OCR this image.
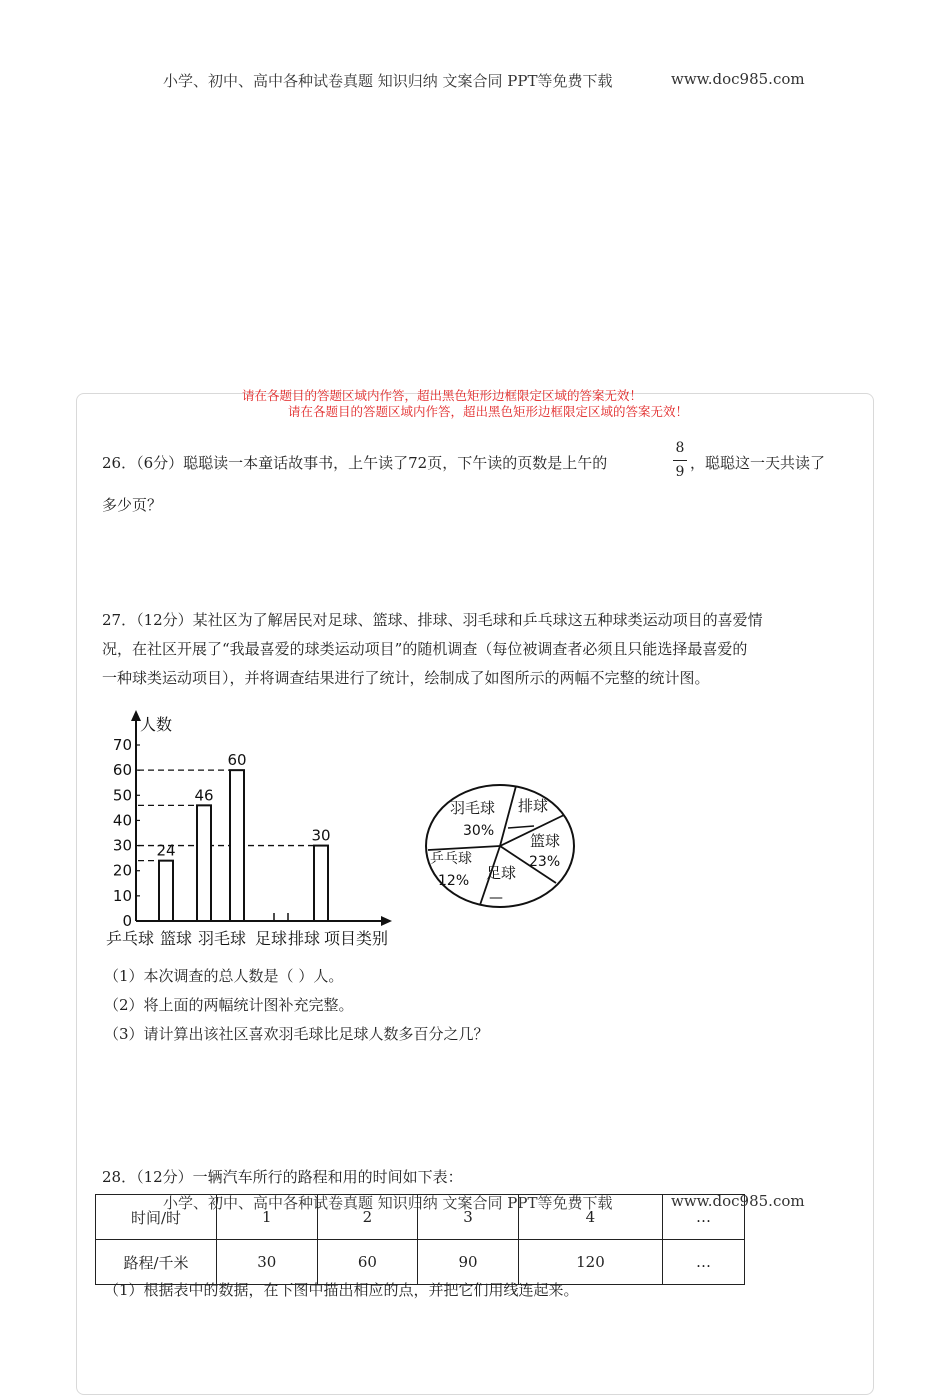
小学、初中、高中各种试卷真题 知识归纳 文案合同 PPT等免费下载	www.doc985.com
请在各题目的答题区域内作答，超出黑色矩形边框限定区域的答案无效！
请在各题目的答题区域内作答，超出黑色矩形边框限定区域的答案无效！
26．（6分）聪聪读一本童话故事书，上午读了72页，下午读的页数是上午的
8
9 ，聪聪这一天共读了
多少页？
27．（12分）某社区为了解居民对足球、篮球、排球、羽毛球和乒乓球这五种球类运动项目的喜爱情
况，在社区开展了“我最喜爱的球类运动项目”的随机调查（每位被调查者必须且只能选择最喜爱的
一种球类运动项目），并将调查结果进行了统计，绘制成了如图所示的两幅不完整的统计图。
人数
项目类别
0
10
20
30
40
50
60
70
24
46
60
30
乒乓球 篮球 羽毛球 足球 排球
羽毛球
30%
排球
篮球
23%
足球
—
乒乓球
12%
（1）本次调查的总人数是（ ）人。
（2）将上面的两幅统计图补充完整。
（3）请计算出该社区喜欢羽毛球比足球人数多百分之几？
28．（12分）一辆汽车所行的路程和用的时间如下表：
时间/时	1	2	3	4	…
路程/千米	30	60	90	120	…
小学、初中、高中各种试卷真题 知识归纳 文案合同 PPT等免费下载	www.doc985.com
（1）根据表中的数据，在下图中描出相应的点，并把它们用线连起来。
